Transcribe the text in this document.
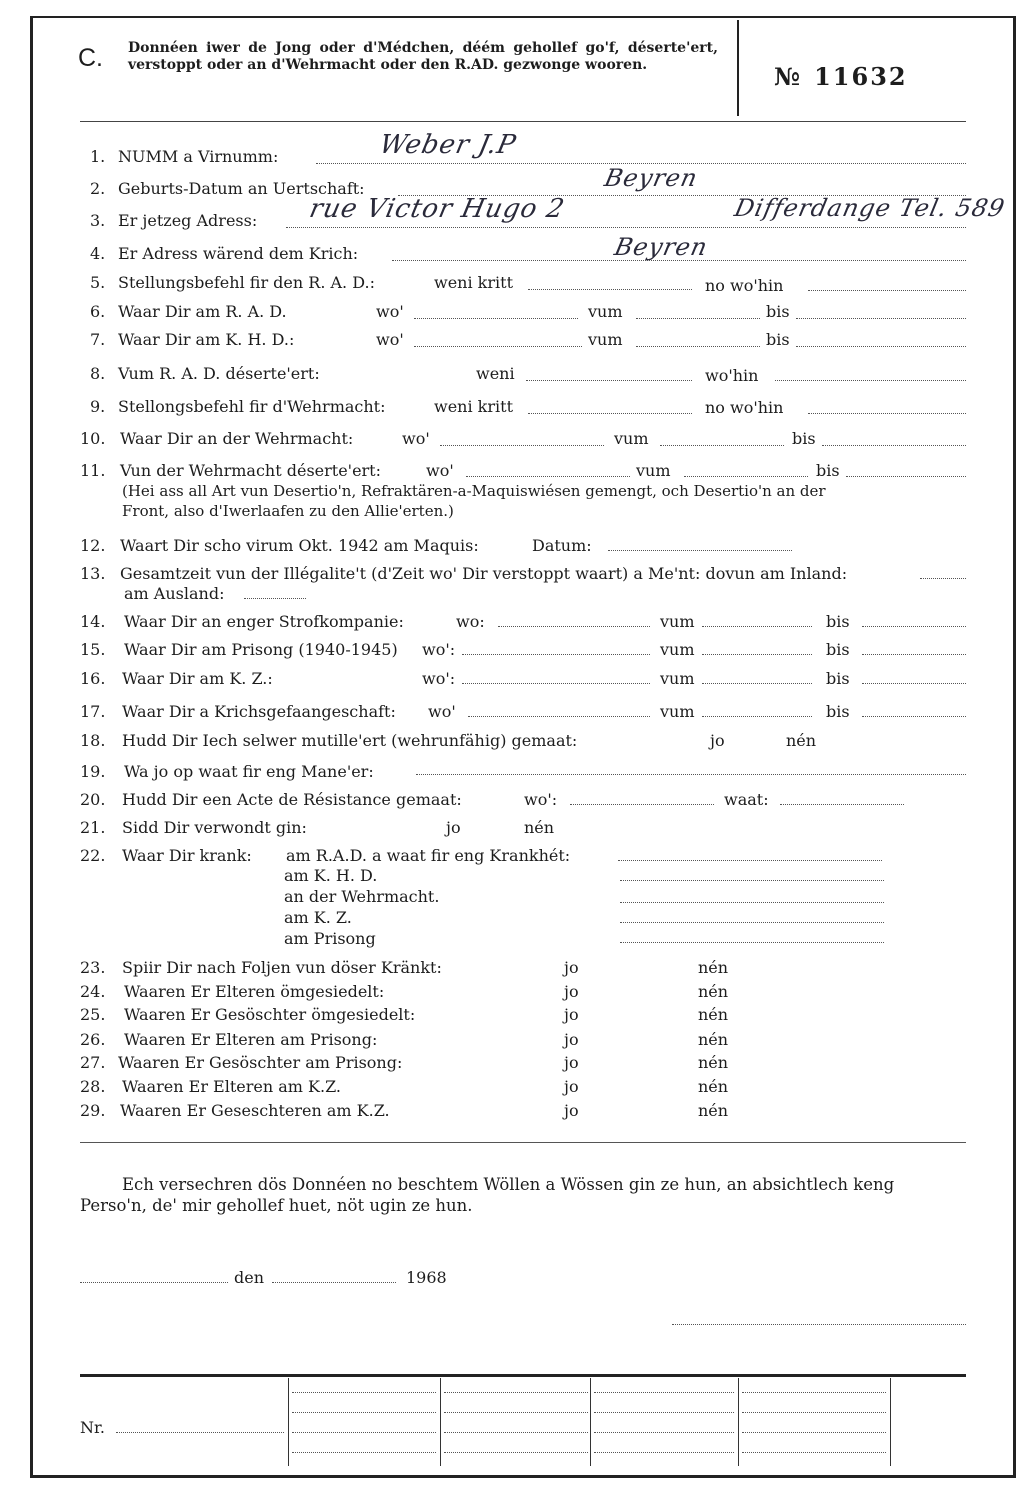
C. Donnéen iwer de Jong oder d'Médchen, déém gehollef go'f, déserte'ert, verstoppt oder an d'Wehrmacht oder den R.AD. gezwonge wooren.	№ 11632
1. NUMM a Virnumm:	Weber J.P
2. Geburts-Datum an Uertschaft:	Beyren
3. Er jetzeg Adress: rue Victor Hugo 2	Differdange Tel. 589
4. Er Adress wärend dem Krich:	Beyren
5. Stellungsbefehl fir den R. A. D.:	weni kritt	no wo'hin
6. Waar Dir am R. A. D.	wo'	vum	bis
7. Waar Dir am K. H. D.:	wo'	vum	bis
8. Vum R. A. D. déserte'ert:	weni	wo'hin
9. Stellongsbefehl fir d'Wehrmacht:	weni kritt	no wo'hin
10. Waar Dir an der Wehrmacht:	wo'	vum	bis
11. Vun der Wehrmacht déserte'ert:	wo'	vum	bis
(Hei ass all Art vun Desertio'n, Refraktären-a-Maquiswiésen gemengt, och Desertio'n an der
Front, also d'Iwerlaafen zu den Allie'erten.)
12. Waart Dir scho virum Okt. 1942 am Maquis:	Datum:
13. Gesamtzeit vun der Illégalite't (d'Zeit wo' Dir verstoppt waart) a Me'nt: dovun am Inland:
am Ausland:
14. Waar Dir an enger Strofkompanie:	wo:	vum	bis
15. Waar Dir am Prisong (1940-1945) wo':	vum	bis
16. Waar Dir am K. Z.:	wo':	vum	bis
17. Waar Dir a Krichsgefaangeschaft: wo'	vum	bis
18. Hudd Dir Iech selwer mutille'ert (wehrunfähig) gemaat:	jo	nén
19. Wa jo op waat fir eng Mane'er:
20. Hudd Dir een Acte de Résistance gemaat:	wo':	waat:
21. Sidd Dir verwondt gin:	jo	nén
22. Waar Dir krank: am R.A.D. a waat fir eng Krankhét:
am K. H. D.
an der Wehrmacht.
am K. Z.
am Prisong
23. Spiir Dir nach Foljen vun döser Kränkt:	jo	nén
24. Waaren Er Elteren ömgesiedelt:	jo	nén
25. Waaren Er Gesöschter ömgesiedelt:	jo	nén
26. Waaren Er Elteren am Prisong:	jo	nén
27. Waaren Er Gesöschter am Prisong:	jo	nén
28. Waaren Er Elteren am K.Z.	jo	nén
29. Waaren Er Geseschteren am K.Z.	jo	nén
Ech versechren dös Donnéen no beschtem Wöllen a Wössen gin ze hun, an absichtlech keng
Perso'n, de' mir gehollef huet, nöt ugin ze hun.
den	1968
Nr.
